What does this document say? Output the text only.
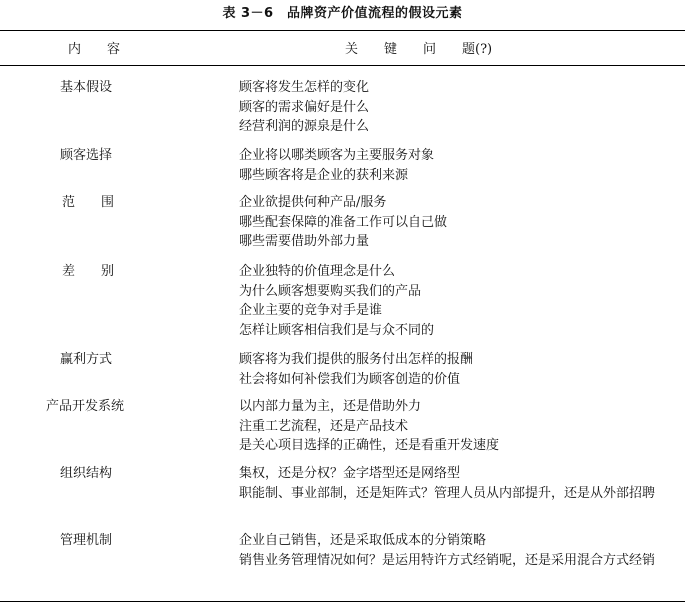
表 3－6　品牌资产价值流程的假设元素
内　　容	关　　键　　问　　题(?)
基本假设	顾客将发生怎样的变化
顾客的需求偏好是什么
经营利润的源泉是什么
顾客选择	企业将以哪类顾客为主要服务对象
哪些顾客将是企业的获利来源
范　　围	企业欲提供何种产品/服务
哪些配套保障的准备工作可以自己做
哪些需要借助外部力量
差　　别	企业独特的价值理念是什么
为什么顾客想要购买我们的产品
企业主要的竞争对手是谁
怎样让顾客相信我们是与众不同的
赢利方式	顾客将为我们提供的服务付出怎样的报酬
社会将如何补偿我们为顾客创造的价值
产品开发系统	以内部力量为主，还是借助外力
注重工艺流程，还是产品技术
是关心项目选择的正确性，还是看重开发速度
组织结构	集权，还是分权？金字塔型还是网络型
职能制、事业部制，还是矩阵式？管理人员从内部提升，还是从外部招聘
管理机制	企业自己销售，还是采取低成本的分销策略
销售业务管理情况如何？是运用特许方式经销呢，还是采用混合方式经销
